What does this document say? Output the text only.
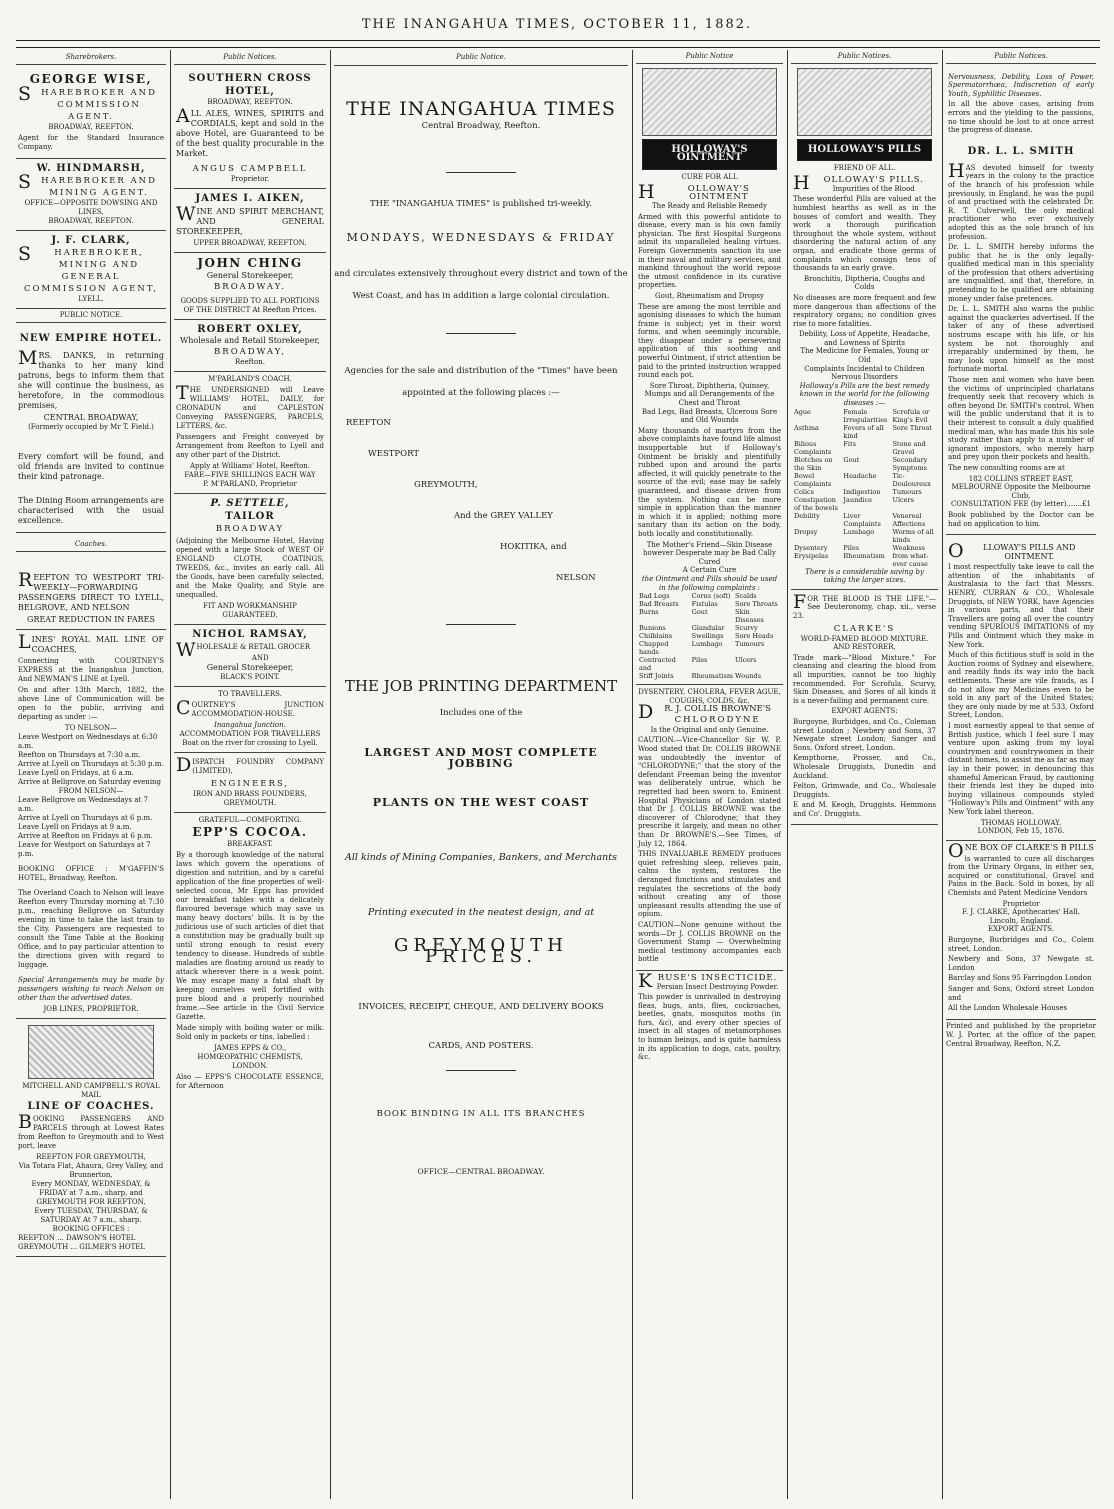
THE INANGAHUA TIMES, OCTOBER 11, 1882.
Sharebrokers.
GEORGE WISE,
SHAREBROKER AND COMMISSION AGENT.
BROADWAY, REEFTON.
Agent for the Standard Insurance Company.
W. HINDMARSH,
SHAREBROKER AND MINING AGENT.
OFFICE—OPPOSITE DOWSING AND LINES,
BROADWAY, REEFTON.
J. F. CLARK,
SHAREBROKER, MINING AND GENERAL COMMISSION AGENT,
LYELL.
PUBLIC NOTICE.
NEW EMPIRE HOTEL.
MRS. DANKS, in returning thanks to her many kind patrons, begs to inform them that she will continue the business, as heretofore, in the commodious premises,
CENTRAL BROADWAY,
(Formerly occupied by Mr T. Field.)
Every comfort will be found, and old friends are invited to continue their kind patronage.
The Dining Room arrangements are characterised with the usual excellence.
Coaches.
REEFTON TO WESTPORT TRI-WEEKLY—FORWARDING PASSENGERS DIRECT TO LYELL, BELGROVE, AND NELSON
GREAT REDUCTION IN FARES
LINES' ROYAL MAIL LINE OF COACHES,
Connecting with COURTNEY'S EXPRESS at the Inangahua Junction, And NEWMAN'S LINE at Lyell.
On and after 13th March, 1882, the above Line of Communication will be open to the public, arriving and departing as under :—
TO NELSON—
Leave Westport on Wednesdays at 6:30 a.m.
Reefton on Thursdays at 7:30 a.m.
Arrive at Lyell on Thursdays at 5:30 p.m.
Leave Lyell on Fridays, at 6 a.m.
Arrive at Bellgrove on Saturday evening
FROM NELSON—
Leave Bellgrove on Wednesdays at 7 a.m.
Arrive at Lyell on Thursdays at 6 p.m.
Leave Lyell on Fridays at 9 a.m.
Arrive at Reefton on Fridays at 6 p.m.
Leave for Westport on Saturdays at 7 p.m.
BOOKING OFFICE : M'GAFFIN'S HOTEL, Broadway, Reefton.
The Overland Coach to Nelson will leave Reefton every Thursday morning at 7:30 p.m., reaching Bellgrove on Saturday evening in time to take the last train to the City. Passengers are requested to consult the Time Table at the Booking Office, and to pay particular attention to the directions given with regard to luggage.
Special Arrangements may be made by passengers wishing to reach Nelson on other than the advertised dates.
JOB LINES, PROPRIETOR.
MITCHELL AND CAMPBELL'S ROYAL MAIL
LINE OF COACHES.
BOOKING PASSENGERS AND PARCELS through at Lowest Rates from Reefton to Greymouth and to West port, leave
REEFTON FOR GREYMOUTH,
Via Totara Flat, Ahaura, Grey Valley, and Brunnerton,
Every MONDAY, WEDNESDAY, & FRIDAY at 7 a.m., sharp, and
GREYMOUTH FOR REEFTON,
Every TUESDAY, THURSDAY, & SATURDAY At 7 a.m., sharp.
BOOKING OFFICES :
REEFTON ... DAWSON'S HOTEL
GREYMOUTH ... GILMER'S HOTEL
Public Notices.
SOUTHERN CROSS HOTEL,
BROADWAY, REEFTON.
ALL ALES, WINES, SPIRITS and CORDIALS, kept and sold in the above Hotel, are Guaranteed to be of the best quality procurable in the Market.
ANGUS CAMPBELL
Proprietor.
JAMES I. AIKEN,
WINE AND SPIRIT MERCHANT, AND GENERAL STOREKEEPER,
UPPER BROADWAY, REEFTON.
JOHN CHING
General Storekeeper,
BROADWAY.
GOODS SUPPLIED TO ALL PORTIONS OF THE DISTRICT At Reefton Prices.
ROBERT OXLEY,
Wholesale and Retail Storekeeper,
BROADWAY,
Reefton.
M'PARLAND'S COACH.
THE UNDERSIGNED will Leave WILLIAMS' HOTEL, DAILY, for CRONADUN and CAPLESTON Conveying PASSENGERS, PARCELS, LETTERS, &c.
Passengers and Freight conveyed by Arrangement from Reefton to Lyell and any other part of the District.
Apply at Williams' Hotel, Reefton.
FARE—FIVE SHILLINGS EACH WAY
P. M'PARLAND, Proprietor
P. SETTELE,
TAILOR
BROADWAY
(Adjoining the Melbourne Hotel, Having opened with a large Stock of WEST OF ENGLAND CLOTH, COATINGS, TWEEDS, &c., invites an early call. All the Goods, have been carefully selected, and the Make Quality, and Style are unequalled.
FIT AND WORKMANSHIP GUARANTEED.
NICHOL RAMSAY,
WHOLESALE & RETAIL GROCER
AND
General Storekeeper,
BLACK'S POINT.
TO TRAVELLERS.
COURTNEY'S JUNCTION ACCOMMODATION-HOUSE.
Inangahua Junction.
ACCOMMODATION FOR TRAVELLERS
Boat on the river for crossing to Lyell.
DISPATCH FOUNDRY COMPANY (LIMITED),
ENGINEERS,
IRON AND BRASS FOUNDERS,
GREYMOUTH.
GRATEFUL—COMFORTING.
EPP'S COCOA.
BREAKFAST.
By a thorough knowledge of the natural laws which govern the operations of digestion and nutrition, and by a careful application of the fine properties of well-selected cocoa, Mr Epps has provided our breakfast tables with a delicately flavoured beverage which may save us many heavy doctors' bills. It is by the judicious use of such articles of diet that a constitution may be gradually built up until strong enough to resist every tendency to disease. Hundreds of subtle maladies are floating around us ready to attack wherever there is a weak point. We may escape many a fatal shaft by keeping ourselves well fortified with pure blood and a properly nourished frame.—See article in the Civil Service Gazette.
Made simply with boiling water or milk. Sold only in packets or tins, labelled :
JAMES EPPS & CO.,
HOMŒOPATHIC CHEMISTS,
LONDON.
Also — EPPS'S CHOCOLATE ESSENCE, for Afternoon
Public Notice.
THE INANGAHUA TIMES
Central Broadway, Reefton.
THE "INANGAHUA TIMES" is published tri-weekly.
MONDAYS, WEDNESDAYS & FRIDAY
and circulates extensively throughout every district and town of the West Coast, and has in addition a large colonial circulation.
Agencies for the sale and distribution of the "Times" have been appointed at the following places :—
REEFTON
WESTPORT
GREYMOUTH,
And the GREY VALLEY
HOKITIKA, and
NELSON
THE JOB PRINTING DEPARTMENT
Includes one of the
LARGEST AND MOST COMPLETE JOBBING
PLANTS ON THE WEST COAST
All kinds of Mining Companies, Bankers, and Merchants
Printing executed in the neatest design, and at
GREYMOUTH PRICES.
INVOICES, RECEIPT, CHEQUE, AND DELIVERY BOOKS
CARDS, AND POSTERS.
BOOK BINDING IN ALL ITS BRANCHES
OFFICE—CENTRAL BROADWAY.
Public Notice
HOLLOWAY'S OINTMENT
CURE FOR ALL
HOLLOWAY'S OINTMENT
The Ready and Reliable Remedy
Armed with this powerful antidote to disease, every man is his own family physician. The first Hospital Surgeons admit its unparalleled healing virtues. Foreign Governments sanction its use in their naval and military services, and mankind throughout the world repose the utmost confidence in its curative properties.
Gout, Rheumatism and Dropsy
These are among the most terrible and agonising diseases to which the human frame is subject; yet in their worst forms, and when seemingly incurable, they disappear under a persevering application of this soothing and powerful Ointment, if strict attention be paid to the printed instruction wrapped round each pot.
Sore Throat, Diphtheria, Quinsey, Mumps and all Derangements of the Chest and Throat
Bad Legs, Bad Breasts, Ulcerous Sore and Old Wounds
Many thousands of martyrs from the above complaints have found life almost insupportable but if Holloway's Ointment be briskly and plentifully rubbed upon and around the parts affected, it will quickly penetrate to the source of the evil; ease may be safely guaranteed, and disease driven from the system. Nothing can be more simple in application than the manner in which it is applied; nothing more sanitary than its action on the body, both locally and constitutionally.
The Mother's Friend—Skin Disease however Desperate may be Bad Cally Cured
A Certain Cure
the Ointment and Pills should be used in the following complaints :
Bad Legs	Corns (soft)	Scalds
Bad Breasts	Fistulas	Sore Throats
Burns	Gout	Skin Diseases
Bunions	Glandular	Scurvy
Chilblains	Swellings	Sore Heads
Chapped hands	Lumbago	Tumours
Contracted and	Piles	Ulcers
Stiff Joints	Rheumatism	Wounds
DYSENTERY, CHOLERA, FEVER AGUE, COUGHS, COLDS, &c.
DR. J. COLLIS BROWNE'S
CHLORODYNE
Is the Original and only Genuine.
CAUTION.—Vice-Chancellor Sir W. P. Wood stated that Dr. COLLIS BROWNE was undoubtedly the inventor of "CHLORODYNE;" that the story of the defendant Freeman being the inventor was deliberately untrue, which he regretted had been sworn to. Eminent Hospital Physicians of London stated that Dr J. COLLIS BROWNE was the discoverer of Chlorodyne; that they prescribe it largely, and mean no other than Dr BROWNE'S.—See Times, of July 12, 1864.
THIS INVALUABLE REMEDY produces quiet refreshing sleep, relieves pain, calms the system, restores the deranged functions and stimulates and regulates the secretions of the body without creating any of those unpleasant results attending the use of opium.
CAUTION—None genuine without the words—Dr J. COLLIS BROWNE on the Government Stamp — Overwhelming medical testimony accompanies each bottle
KRUSE'S INSECTICIDE.
Persian Insect Destroying Powder.
This powder is unrivalled in destroying fleas, bugs, ants, flies, cockroaches, beetles, gnats, mosquitos moths (in furs, &c), and every other species of insect in all stages of metamorphoses to human beings, and is quite harmless in its application to dogs, cats, poultry, &c.
Public Notices.
HOLLOWAY'S PILLS
FRIEND OF ALL.
HOLLOWAY'S PILLS.
Impurities of the Blood
These wonderful Pills are valued at the humblest hearths as well as in the houses of comfort and wealth. They work a thorough purification throughout the whole system, without disordering the natural action of any organ, and eradicate those germs of complaints which consign tens of thousands to an early grave.
Bronchitis, Diptheria, Coughs and Colds
No diseases are more frequent and few more dangerous than affections of the respiratory organs; no condition gives rise to more fatalities.
Debility, Loss of Appetite, Headache, and Lowness of Spirits
The Medicine for Females, Young or Old
Complaints Incidental to Children
Nervous Disorders
Holloway's Pills are the best remedy known in the world for the following diseases :—
Ague	Female Irregularities	Scrofula or King's Evil
Asthma	Fevers of all kind	Sore Throat
Bilious Complaints	Fits	Stone and Gravel
Blotches on the Skin	Gout	Secondary Symptoms
Bowel Complaints	Headache	Tic-Douloureux
Colics	Indigestion	Tumours
Constipation of the bowels	Jaundice	Ulcers
Debility	Liver Complaints	Venereal Affections
Dropsy	Lumbago	Worms of all kinds
Dysentery	Piles	Weakness
Erysipelas	Rheumatism	from what-ever cause
There is a considerable saving by taking the larger sizes.
FOR THE BLOOD IS THE LIFE."—See Deuteronomy, chap. xii., verse 23.
CLARKE'S
WORLD-FAMED BLOOD MIXTURE.
AND RESTORER,
Trade mark—"Blood Mixture." For cleansing and clearing the blood from all impurities, cannot be too highly recommended. For Scrofula, Scurvy, Skin Diseases, and Sores of all kinds it is a never-failing and permanent cure.
EXPORT AGENTS:
Burgoyne, Burbidges, and Co., Coleman street London ; Newbery and Sons, 37 Newgate street London; Sanger and Sons, Oxford street, London.
Kempthorne, Prosser, and Co., Wholesale Druggists, Dunedin and Auckland.
Felton, Grimwade, and Co., Wholesale Druggists.
E and M. Keogh, Druggists. Hemmons and Co'. Druggists.
Public Notices.
Nervousness, Debility, Loss of Power, Spermatorrhœa, Indiscretion of early Youth, Syphilitic Diseases.
In all the above cases, arising from errors and the yielding to the passions, no time should be lost to at once arrest the progress of disease.
DR. L. L. SMITH
HAS devoted himself for twenty years in the colony to the practice of the branch of his profession while previously, in England, he was the pupil of and practised with the celebrated Dr. R. T. Culverwell, the only medical practitioner who ever exclusively adopted this as the sole branch of his profession.
Dr. L. L. SMITH hereby informs the public that he is the only legally-qualified medical man in this speciality of the profession that others advertising are unqualified, and that, therefore, in pretending to be qualified are obtaining money under false pretences.
Dr. L. L. SMITH also warns the public against the quackeries advertised. If the taker of any of these advertised nostrums escape with his life, or his system be not thoroughly and irreparably undermined by them, he may look upon himself as the most fortunate mortal.
Those men and women who have been the victims of unprincipled charlatans frequently seek that recovery which is often beyond Dr. SMITH's control. When will the public understand that it is to their interest to consult a duly qualified medical man, who has made this his sole study rather than apply to a number of ignorant impostors, who merely harp and prey upon their pockets and health.
The new consulting rooms are at
182 COLLINS STREET EAST, MELBOURNE Opposite the Melbourne Club,
CONSULTATION FEE (by letter).......£1
Book published by the Doctor can be had on application to him.
OLLOWAY'S PILLS AND OINTMENT.
I most respectfully take leave to call the attention of the inhabitants of Australasia to the fact that Messrs. HENRY, CURRAN & CO., Wholesale Druggists, of NEW YORK, have Agencies in various parts, and that their Travellers are going all over the country vending SPURIOUS IMITATIONS of my Pills and Ointment which they make in New York.
Much of this fictitious stuff is sold in the Auction rooms of Sydney and elsewhere, and readily finds its way into the back settlements. These are vile frauds, as I do not allow my Medicines even to be sold in any part of the United States; they are only made by me at 533, Oxford Street, London.
I most earnestly appeal to that sense of British justice, which I feel sure I may venture upon asking from my loyal countrymen and countrywomen in their distant homes, to assist me as far as may lay in their power, in denouncing this shameful American Fraud, by cautioning their friends lest they be duped into buying villainous compounds styled "Holloway's Pills and Ointment" with any New York label thereon.
THOMAS HOLLOWAY.
LONDON, Feb 15, 1876.
ONE BOX OF CLARKE'S B PILLS
is warranted to cure all discharges from the Urinary Organs, in either sex, acquired or constitutional, Gravel and Pains in the Back. Sold in boxes, by all Chemists and Patent Medicine Vendors
Proprietor
F. J. CLARKE, Apothecaries' Hall,
Lincoln, England.
EXPORT AGENTS.
Burgoyne, Burbridges and Co., Colem street, London.
Newbery and Sons, 37 Newgate st. London
Barclay and Sons 95 Farringdon London
Sanger and Sons, Oxford street London and
All the London Wholesale Houses
Printed and published by the proprietor W. J. Porter, at the office of the paper, Central Broadway, Reefton, N.Z.
